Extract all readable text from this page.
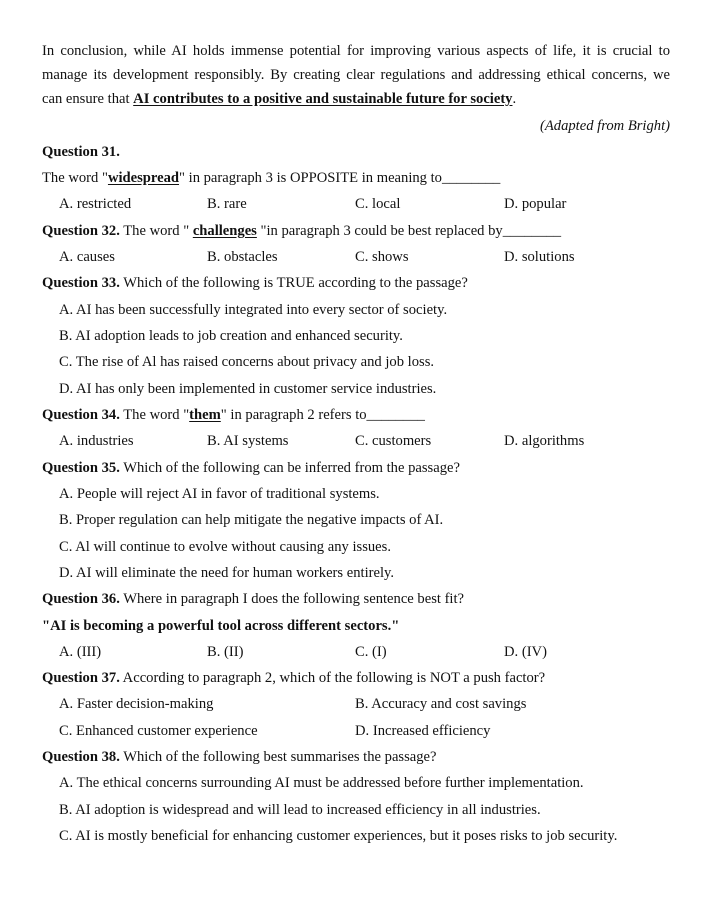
In conclusion, while AI holds immense potential for improving various aspects of life, it is crucial to
manage its development responsibly. By creating clear regulations and addressing ethical concerns, we
can ensure that AI contributes to a positive and sustainable future for society.
(Adapted from Bright)
Question 31.
The word "widespread" in paragraph 3 is OPPOSITE in meaning to________
A. restricted	B. rare	C. local	D. popular
Question 32. The word " challenges "in paragraph 3 could be best replaced by________
A. causes	B. obstacles	C. shows	D. solutions
Question 33. Which of the following is TRUE according to the passage?
A. AI has been successfully integrated into every sector of society.
B. AI adoption leads to job creation and enhanced security.
C. The rise of Al has raised concerns about privacy and job loss.
D. AI has only been implemented in customer service industries.
Question 34. The word "them" in paragraph 2 refers to________
A. industries	B. AI systems	C. customers	D. algorithms
Question 35. Which of the following can be inferred from the passage?
A. People will reject AI in favor of traditional systems.
B. Proper regulation can help mitigate the negative impacts of AI.
C. Al will continue to evolve without causing any issues.
D. AI will eliminate the need for human workers entirely.
Question 36. Where in paragraph I does the following sentence best fit?
"AI is becoming a powerful tool across different sectors."
A. (III)	B. (II)	C. (I)	D. (IV)
Question 37. According to paragraph 2, which of the following is NOT a push factor?
A. Faster decision-making	B. Accuracy and cost savings
C. Enhanced customer experience	D. Increased efficiency
Question 38. Which of the following best summarises the passage?
A. The ethical concerns surrounding AI must be addressed before further implementation.
B. AI adoption is widespread and will lead to increased efficiency in all industries.
C. AI is mostly beneficial for enhancing customer experiences, but it poses risks to job security.
